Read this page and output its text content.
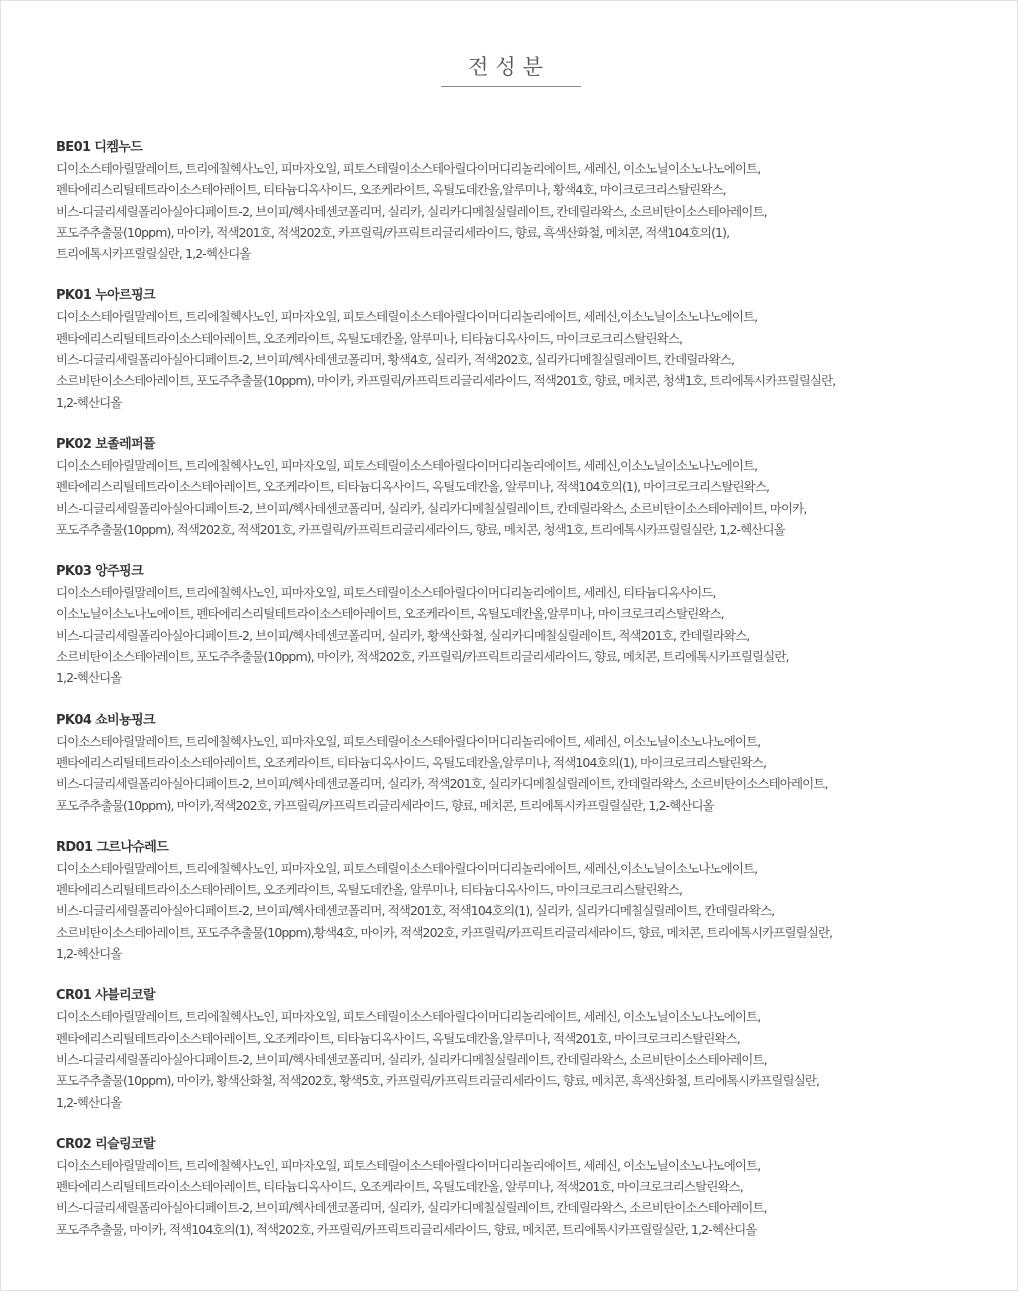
전성분
BE01 디켐누드
디이소스테아릴말레이트, 트리에칠헥사노인, 피마자오일, 피토스테릴이소스테아릴다이머디리놀리에이트, 세레신, 이소노닐이소노나노에이트,
펜타에리스리틸테트라이소스테아레이트, 티타늄디옥사이드, 오조케라이트, 옥틸도데칸올,알루미나, 황색4호, 마이크로크리스탈린왁스,
비스-디글리세릴폴리아실아디페이트-2, 브이피/헥사데센코폴리머, 실리카, 실리카디메칠실릴레이트, 칸데릴라왁스, 소르비탄이소스테아레이트,
포도주추출물(10ppm), 마이카, 적색201호, 적색202호, 카프릴릭/카프릭트리글리세라이드, 향료, 흑색산화철, 메치콘, 적색104호의(1),
트리에톡시카프릴릴실란, 1,2-헥산디올
PK01 누아르핑크
디이소스테아릴말레이트, 트리에칠헥사노인, 피마자오일, 피토스테릴이소스테아릴다이머디리놀리에이트, 세레신,이소노닐이소노나노에이트,
펜타에리스리틸테트라이소스테아레이트, 오조케라이트, 옥틸도데칸올, 알루미나, 티타늄디옥사이드, 마이크로크리스탈린왁스,
비스-디글리세릴폴리아실아디페이트-2, 브이피/헥사데센코폴리머, 황색4호, 실리카, 적색202호, 실리카디메칠실릴레이트, 칸데릴라왁스,
소르비탄이소스테아레이트, 포도주추출물(10ppm), 마이카, 카프릴릭/카프릭트리글리세라이드, 적색201호, 향료, 메치콘, 청색1호, 트리에톡시카프릴릴실란,
1,2-헥산디올
PK02 보졸레퍼플
디이소스테아릴말레이트, 트리에칠헥사노인, 피마자오일, 피토스테릴이소스테아릴다이머디리놀리에이트, 세레신,이소노닐이소노나노에이트,
펜타에리스리틸테트라이소스테아레이트, 오조케라이트, 티타늄디옥사이드, 옥틸도데칸올, 알루미나, 적색104호의(1), 마이크로크리스탈린왁스,
비스-디글리세릴폴리아실아디페이트-2, 브이피/헥사데센코폴리머, 실리카, 실리카디메칠실릴레이트, 칸데릴라왁스, 소르비탄이소스테아레이트, 마이카,
포도주추출물(10ppm), 적색202호, 적색201호, 카프릴릭/카프릭트리글리세라이드, 향료, 메치콘, 청색1호, 트리에톡시카프릴릴실란, 1,2-헥산디올
PK03 앙주핑크
디이소스테아릴말레이트, 트리에칠헥사노인, 피마자오일, 피토스테릴이소스테아릴다이머디리놀리에이트, 세레신, 티타늄디옥사이드,
이소노닐이소노나노에이트, 펜타에리스리틸테트라이소스테아레이트, 오조케라이트, 옥틸도데칸올,알루미나, 마이크로크리스탈린왁스,
비스-디글리세릴폴리아실아디페이트-2, 브이피/헥사데센코폴리머, 실리카, 황색산화철, 실리카디메칠실릴레이트, 적색201호, 칸데릴라왁스,
소르비탄이소스테아레이트, 포도주추출물(10ppm), 마이카, 적색202호, 카프릴릭/카프릭트리글리세라이드, 향료, 메치콘, 트리에톡시카프릴릴실란,
1,2-헥산디올
PK04 쇼비뇽핑크
디이소스테아릴말레이트, 트리에칠헥사노인, 피마자오일, 피토스테릴이소스테아릴다이머디리놀리에이트, 세레신, 이소노닐이소노나노에이트,
펜타에리스리틸테트라이소스테아레이트, 오조케라이트, 티타늄디옥사이드, 옥틸도데칸올,알루미나, 적색104호의(1), 마이크로크리스탈린왁스,
비스-디글리세릴폴리아실아디페이트-2, 브이피/헥사데센코폴리머, 실리카, 적색201호, 실리카디메칠실릴레이트, 칸데릴라왁스, 소르비탄이소스테아레이트,
포도주추출물(10ppm), 마이카,적색202호, 카프릴릭/카프릭트리글리세라이드, 향료, 메치콘, 트리에톡시카프릴릴실란, 1,2-헥산디올
RD01 그르나슈레드
디이소스테아릴말레이트, 트리에칠헥사노인, 피마자오일, 피토스테릴이소스테아릴다이머디리놀리에이트, 세레신,이소노닐이소노나노에이트,
펜타에리스리틸테트라이소스테아레이트, 오조케라이트, 옥틸도데칸올, 알루미나, 티타늄디옥사이드, 마이크로크리스탈린왁스,
비스-디글리세릴폴리아실아디페이트-2, 브이피/헥사데센코폴리머, 적색201호, 적색104호의(1), 실리카, 실리카디메칠실릴레이트, 칸데릴라왁스,
소르비탄이소스테아레이트, 포도주추출물(10ppm),황색4호, 마이카, 적색202호, 카프릴릭/카프릭트리글리세라이드, 향료, 메치콘, 트리에톡시카프릴릴실란,
1,2-헥산디올
CR01 샤블리코랄
디이소스테아릴말레이트, 트리에칠헥사노인, 피마자오일, 피토스테릴이소스테아릴다이머디리놀리에이트, 세레신, 이소노닐이소노나노에이트,
펜타에리스리틸테트라이소스테아레이트, 오조케라이트, 티타늄디옥사이드, 옥틸도데칸올,알루미나, 적색201호, 마이크로크리스탈린왁스,
비스-디글리세릴폴리아실아디페이트-2, 브이피/헥사데센코폴리머, 실리카, 실리카디메칠실릴레이트, 칸데릴라왁스, 소르비탄이소스테아레이트,
포도주추출물(10ppm), 마이카, 황색산화철, 적색202호, 황색5호, 카프릴릭/카프릭트리글리세라이드, 향료, 메치콘, 흑색산화철, 트리에톡시카프릴릴실란,
1,2-헥산디올
CR02 리슬링코랄
디이소스테아릴말레이트, 트리에칠헥사노인, 피마자오일, 피토스테릴이소스테아릴다이머디리놀리에이트, 세레신, 이소노닐이소노나노에이트,
펜타에리스리틸테트라이소스테아레이트, 티타늄디옥사이드, 오조케라이트, 옥틸도데칸올, 알루미나, 적색201호, 마이크로크리스탈린왁스,
비스-디글리세릴폴리아실아디페이트-2, 브이피/헥사데센코폴리머, 실리카, 실리카디메칠실릴레이트, 칸데릴라왁스, 소르비탄이소스테아레이트,
포도주추출물, 마이카, 적색104호의(1), 적색202호, 카프릴릭/카프릭트리글리세라이드, 향료, 메치콘, 트리에톡시카프릴릴실란, 1,2-헥산디올
